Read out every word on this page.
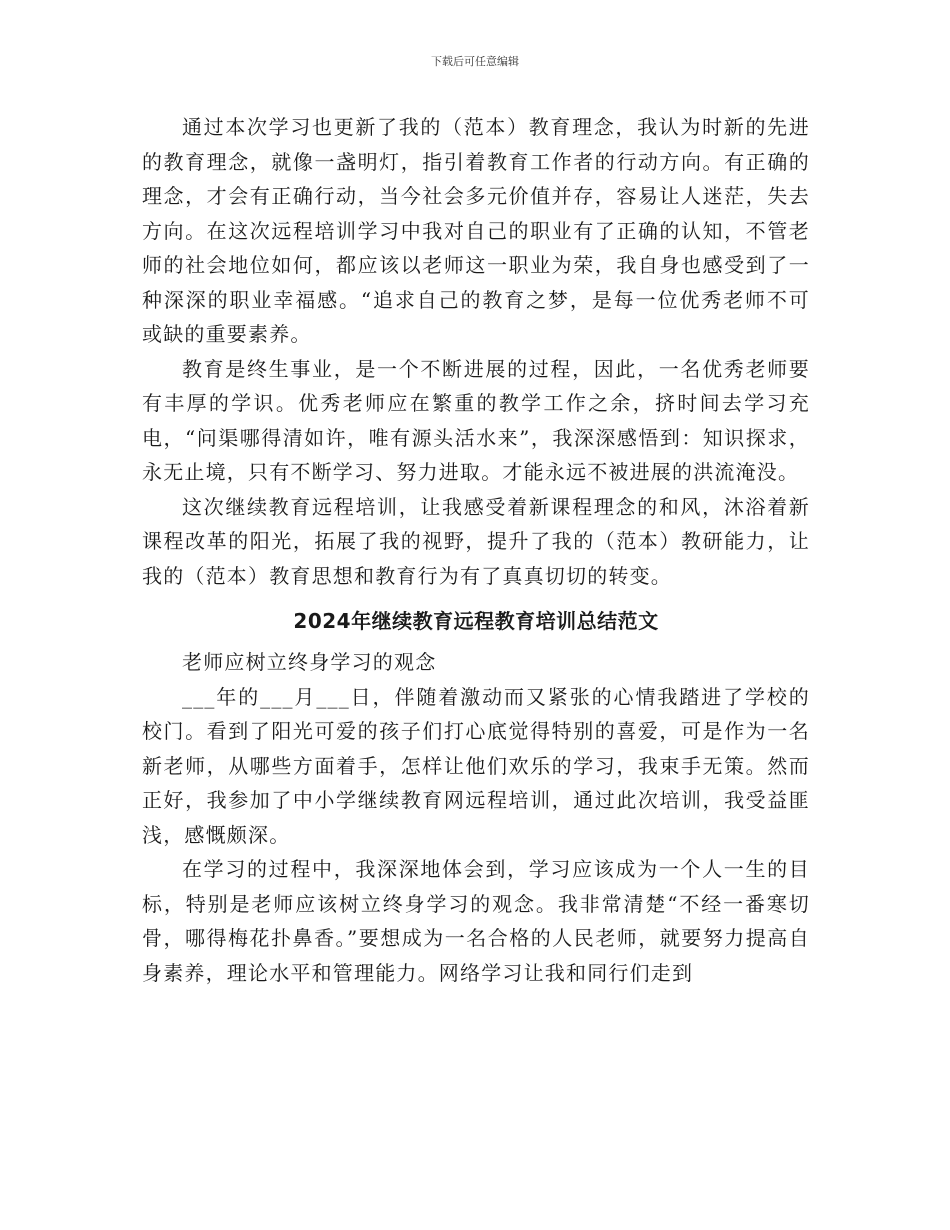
下载后可任意编辑

通过本次学习也更新了我的（范本）教育理念，我认为时新的先进的教育理念，就像一盏明灯，指引着教育工作者的行动方向。有正确的理念，才会有正确行动，当今社会多元价值并存，容易让人迷茫，失去方向。在这次远程培训学习中我对自己的职业有了正确的认知，不管老师的社会地位如何，都应该以老师这一职业为荣，我自身也感受到了一种深深的职业幸福感。“追求自己的教育之梦，是每一位优秀老师不可或缺的重要素养。

教育是终生事业，是一个不断进展的过程，因此，一名优秀老师要有丰厚的学识。优秀老师应在繁重的教学工作之余，挤时间去学习充电，“问渠哪得清如许，唯有源头活水来”，我深深感悟到：知识探求，永无止境，只有不断学习、努力进取。才能永远不被进展的洪流淹没。

这次继续教育远程培训，让我感受着新课程理念的和风，沐浴着新课程改革的阳光，拓展了我的视野，提升了我的（范本）教研能力，让我的（范本）教育思想和教育行为有了真真切切的转变。

2024年继续教育远程教育培训总结范文

老师应树立终身学习的观念

___年的___月___日，伴随着激动而又紧张的心情我踏进了学校的校门。看到了阳光可爱的孩子们打心底觉得特别的喜爱，可是作为一名新老师，从哪些方面着手，怎样让他们欢乐的学习，我束手无策。然而正好，我参加了中小学继续教育网远程培训，通过此次培训，我受益匪浅，感慨颇深。

在学习的过程中，我深深地体会到，学习应该成为一个人一生的目标，特别是老师应该树立终身学习的观念。我非常清楚“不经一番寒切骨，哪得梅花扑鼻香。”要想成为一名合格的人民老师，就要努力提高自身素养，理论水平和管理能力。网络学习让我和同行们走到
